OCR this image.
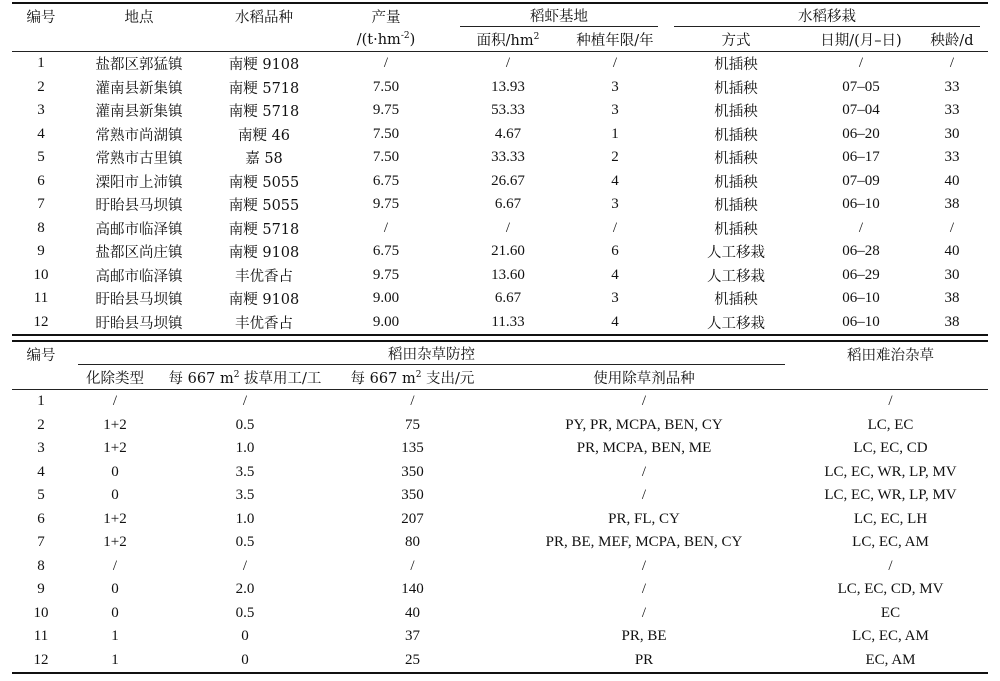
编号	地点	水稻品种	产量	稻虾基地		水稻移栽		

			$/(t\cdot hm^{-2})$	面积$/hm^2$	种植年限/年	方式	日期/(月–日)	秧龄/d
1	盐都区郭猛镇	南粳 9108	/	/	/	机插秧	/	/
2	灌南县新集镇	南粳 5718	7.50	13.93	3	机插秧	07–05	33
3	灌南县新集镇	南粳 5718	9.75	53.33	3	机插秧	07–04	33
4	常熟市尚湖镇	南粳 46	7.50	4.67	1	机插秧	06–20	30
5	常熟市古里镇	嘉 58	7.50	33.33	2	机插秧	06–17	33
6	溧阳市上沛镇	南粳 5055	6.75	26.67	4	机插秧	07–09	40
7	盱眙县马坝镇	南粳 5055	9.75	6.67	3	机插秧	06–10	38
8	高邮市临泽镇	南粳 5718	/	/	/	机插秧	/	/
9	盐都区尚庄镇	南粳 9108	6.75	21.60	6	人工移栽	06–28	40
10	高邮市临泽镇	丰优香占	9.75	13.60	4	人工移栽	06–29	30
11	盱眙县马坝镇	南粳 9108	9.00	6.67	3	机插秧	06–10	38
12	盱眙县马坝镇	丰优香占	9.00	11.33	4	人工移栽	06–10	38
编号	稻田杂草防控				稻田难治杂草
	化除类型	每 667 $m^2$ 拔草用工/工	每 667 $m^2$ 支出/元	使用除草剂品种	
1	/	/	/	/	/
2	1+2	0.5	75	PY, PR, MCPA, BEN, CY	LC, EC
3	1+2	1.0	135	PR, MCPA, BEN, ME	LC, EC, CD
4	0	3.5	350	/	LC, EC, WR, LP, MV
5	0	3.5	350	/	LC, EC, WR, LP, MV
6	1+2	1.0	207	PR, FL, CY	LC, EC, LH
7	1+2	0.5	80	PR, BE, MEF, MCPA, BEN, CY	LC, EC, AM
8	/	/	/	/	/
9	0	2.0	140	/	LC, EC, CD, MV
10	0	0.5	40	/	EC
11	1	0	37	PR, BE	LC, EC, AM
12	1	0	25	PR	EC, AM
